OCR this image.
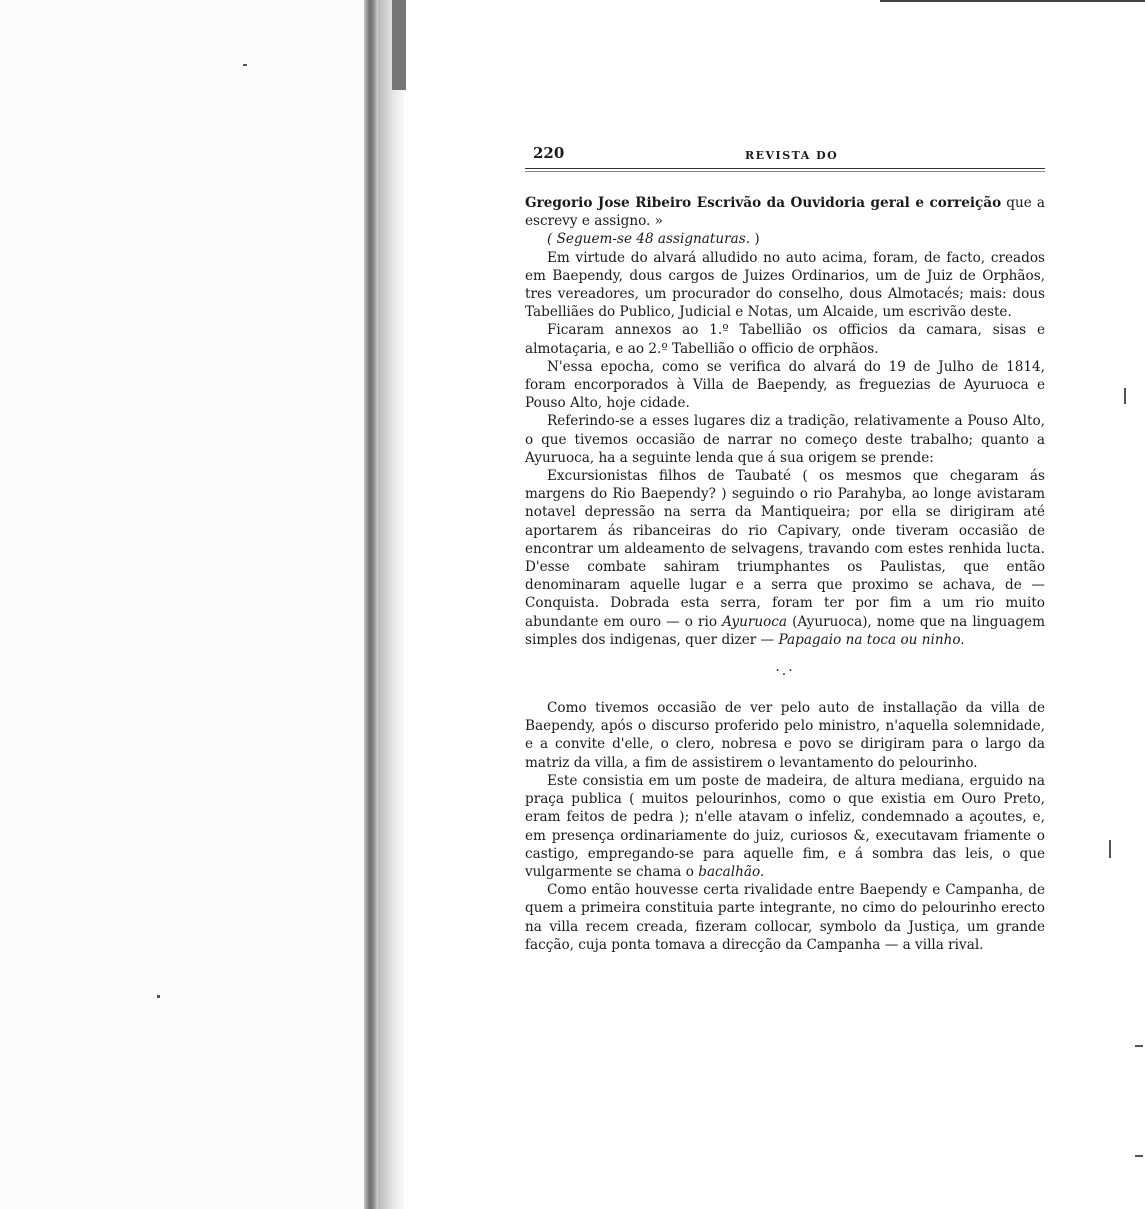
220	REVISTA DO

Gregorio Jose Ribeiro Escrivão da Ouvidoria geral e correição que a escrevy e assigno. »

( Seguem-se 48 assignaturas. )

Em virtude do alvará alludido no auto acima, foram, de facto, creados em Baependy, dous cargos de Juizes Ordinarios, um de Juiz de Orphãos, tres vereadores, um procurador do conselho, dous Almotacés; mais: dous Tabelliães do Publico, Judicial e Notas, um Alcaide, um escrivão deste.

Ficaram annexos ao 1.º Tabellião os officios da camara, sisas e almotaçaria, e ao 2.º Tabellião o officio de orphãos.

N'essa epocha, como se verifica do alvará do 19 de Julho de 1814, foram encorporados à Villa de Baependy, as freguezias de Ayuruoca e Pouso Alto, hoje cidade.

Referindo-se a esses lugares diz a tradição, relativamente a Pouso Alto, o que tivemos occasião de narrar no começo deste trabalho; quanto a Ayuruoca, ha a seguinte lenda que á sua origem se prende:

Excursionistas filhos de Taubaté ( os mesmos que chegaram ás margens do Rio Baependy? ) seguindo o rio Parahyba, ao longe avistaram notavel depressão na serra da Mantiqueira; por ella se dirigiram até aportarem ás ribanceiras do rio Capivary, onde tiveram occasião de encontrar um aldeamento de selvagens, travando com estes renhida lucta. D'esse combate sahiram triumphantes os Paulistas, que então denominaram aquelle lugar e a serra que proximo se achava, de — Conquista. Dobrada esta serra, foram ter por fim a um rio muito abundante em ouro — o rio Ayuruoca (Ayuruoca), nome que na linguagem simples dos indigenas, quer dizer — Papagaio na toca ou ninho.

·.·

Como tivemos occasião de ver pelo auto de installação da villa de Baependy, após o discurso proferido pelo ministro, n'aquella solemnidade, e a convite d'elle, o clero, nobresa e povo se dirigiram para o largo da matriz da villa, a fim de assistirem o levantamento do pelourinho.

Este consistia em um poste de madeira, de altura mediana, erguido na praça publica ( muitos pelourinhos, como o que existia em Ouro Preto, eram feitos de pedra ); n'elle atavam o infeliz, condemnado a açoutes, e, em presença ordinariamente do juiz, curiosos &, executavam friamente o castigo, empregando-se para aquelle fim, e á sombra das leis, o que vulgarmente se chama o bacalhão.

Como então houvesse certa rivalidade entre Baependy e Campanha, de quem a primeira constituia parte integrante, no cimo do pelourinho erecto na villa recem creada, fizeram collocar, symbolo da Justiça, um grande facção, cuja ponta tomava a direcção da Campanha — a villa rival.
